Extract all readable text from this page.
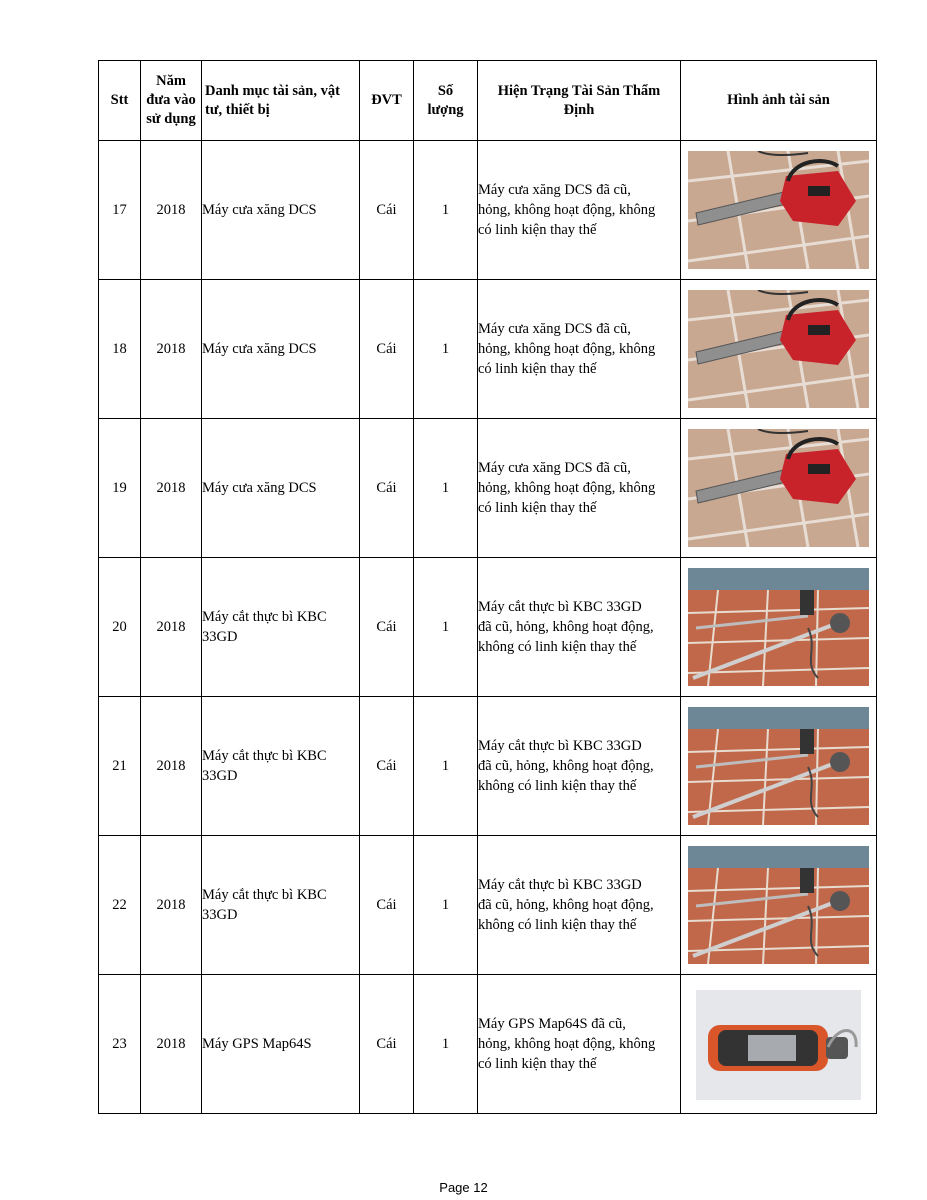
Stt	Năm
đưa vào
sử dụng	Danh mục tài sản, vật
tư, thiết bị	ĐVT	Số
lượng	Hiện Trạng Tài Sản Thẩm
Định	Hình ảnh tài sản
17	2018	Máy cưa xăng DCS	Cái	1	Máy cưa xăng DCS đã cũ,
hỏng, không hoạt động, không
có linh kiện thay thế	

18	2018	Máy cưa xăng DCS	Cái	1	Máy cưa xăng DCS đã cũ,
hỏng, không hoạt động, không
có linh kiện thay thế	

19	2018	Máy cưa xăng DCS	Cái	1	Máy cưa xăng DCS đã cũ,
hỏng, không hoạt động, không
có linh kiện thay thế	

20	2018	Máy cắt thực bì KBC
33GD	Cái	1	Máy cắt thực bì KBC 33GD
đã cũ, hỏng, không hoạt động,
không có linh kiện thay thế	

21	2018	Máy cắt thực bì KBC
33GD	Cái	1	Máy cắt thực bì KBC 33GD
đã cũ, hỏng, không hoạt động,
không có linh kiện thay thế	

22	2018	Máy cắt thực bì KBC
33GD	Cái	1	Máy cắt thực bì KBC 33GD
đã cũ, hỏng, không hoạt động,
không có linh kiện thay thế	

23	2018	Máy GPS Map64S	Cái	1	Máy GPS Map64S đã cũ,
hỏng, không hoạt động, không
có linh kiện thay thế	
Page 12
